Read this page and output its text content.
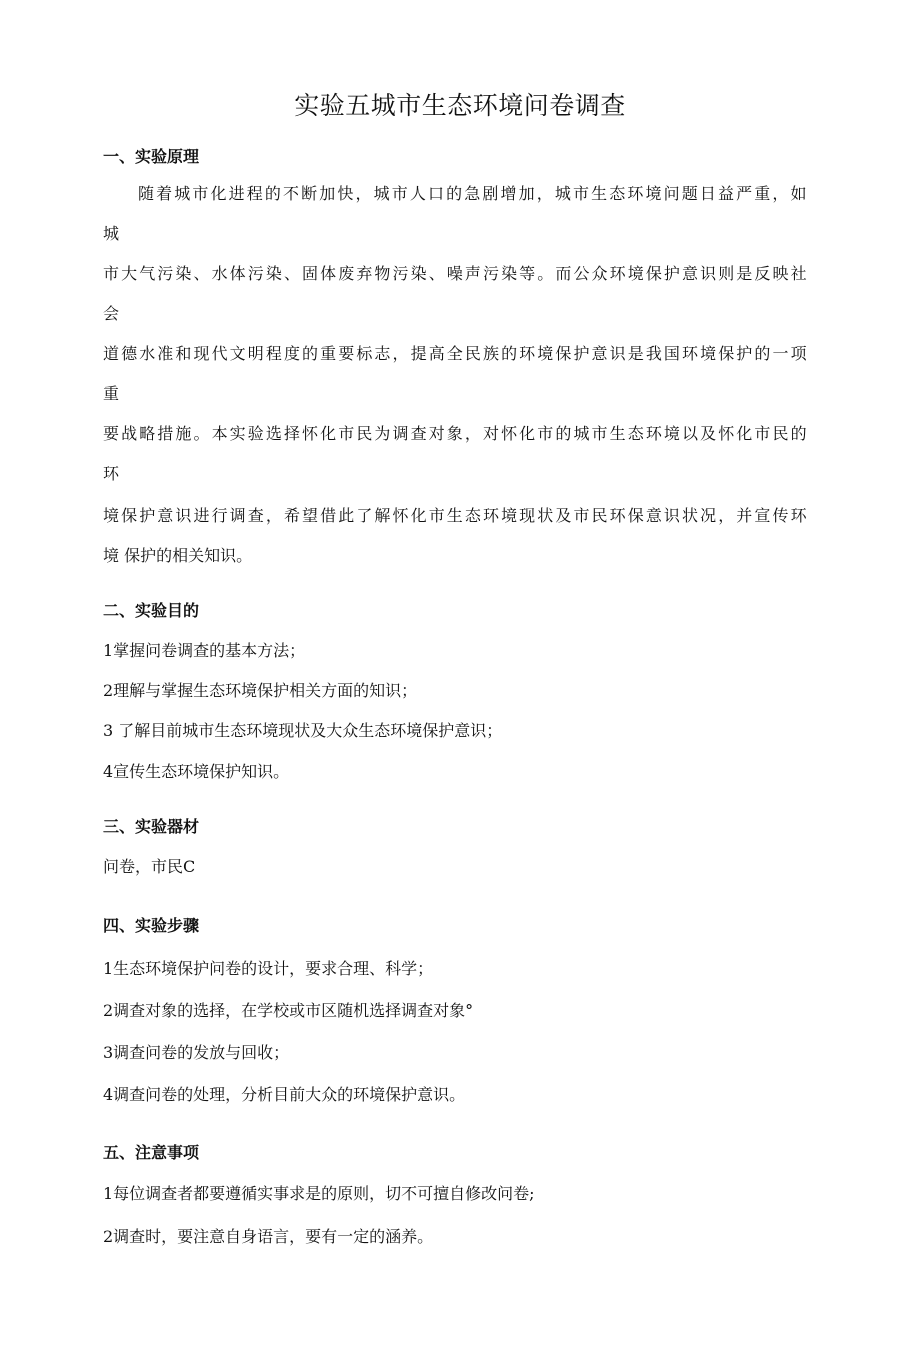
实验五城市生态环境问卷调查
一、实验原理
随 着 城 市 化 进 程 的 不 断 加 快 ， 城 市 人 口 的 急 剧 增 加 ， 城 市 生 态 环 境 问 题 日 益 严 重 ， 如
城
市 大 气 污 染 、 水 体 污 染 、 固 体 废 弃 物 污 染 、 噪 声 污 染 等 。 而 公 众 环 境 保 护 意 识 则 是 反 映 社
会
道 德 水 准 和 现 代 文 明 程 度 的 重 要 标 志 ， 提 高 全 民 族 的 环 境 保 护 意 识 是 我 国 环 境 保 护 的 一 项
重
要 战 略 措 施 。 本 实 验 选 择 怀 化 市 民 为 调 查 对 象 ， 对 怀 化 市 的 城 市 生 态 环 境 以 及 怀 化 市 民 的
环
境 保 护 意 识 进 行 调 查 ， 希 望 借 此 了 解 怀 化 市 生 态 环 境 现 状 及 市 民 环 保 意 识 状 况 ， 并 宣 传 环
境 保护的相关知识。
二、实验目的
1掌握问卷调查的基本方法；
2理解与掌握生态环境保护相关方面的知识；
3 了解目前城市生态环境现状及大众生态环境保护意识；
4宣传生态环境保护知识。
三、实验器材
问卷，市民C
四、实验步骤
1生态环境保护问卷的设计，要求合理、科学；
2调查对象的选择，在学校或市区随机选择调查对象°
3调查问卷的发放与回收；
4调查问卷的处理，分析目前大众的环境保护意识。
五、注意事项
1每位调查者都要遵循实事求是的原则，切不可擅自修改问卷;
2调查时，要注意自身语言，要有一定的涵养。
